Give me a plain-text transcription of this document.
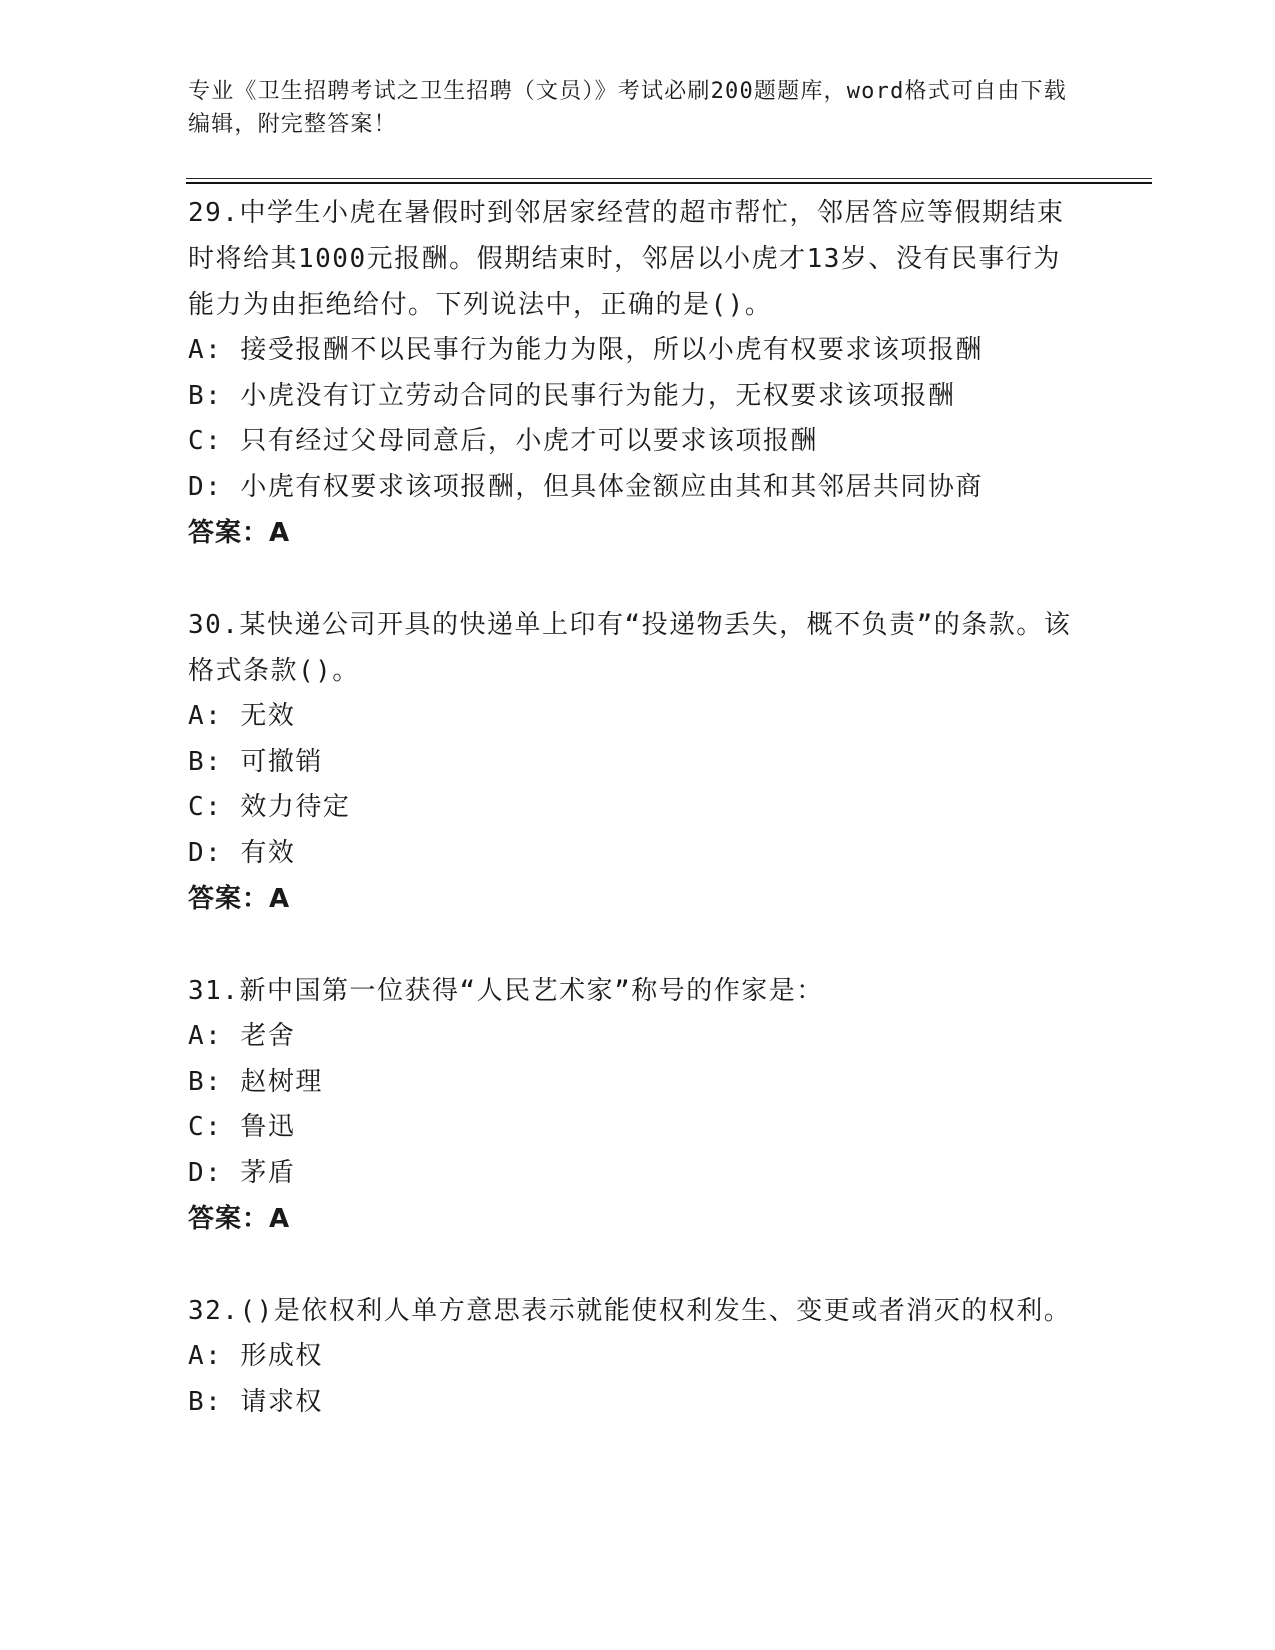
专业《卫生招聘考试之卫生招聘（文员）》考试必刷200题题库，word格式可自由下载编辑，附完整答案！
29.中学生小虎在暑假时到邻居家经营的超市帮忙，邻居答应等假期结束时将给其1000元报酬。假期结束时，邻居以小虎才13岁、没有民事行为能力为由拒绝给付。下列说法中，正确的是()。
A: 接受报酬不以民事行为能力为限，所以小虎有权要求该项报酬
B: 小虎没有订立劳动合同的民事行为能力，无权要求该项报酬
C: 只有经过父母同意后，小虎才可以要求该项报酬
D: 小虎有权要求该项报酬，但具体金额应由其和其邻居共同协商
答案：A
30.某快递公司开具的快递单上印有“投递物丢失，概不负责”的条款。该格式条款()。
A: 无效
B: 可撤销
C: 效力待定
D: 有效
答案：A
31.新中国第一位获得“人民艺术家”称号的作家是：
A: 老舍
B: 赵树理
C: 鲁迅
D: 茅盾
答案：A
32.()是依权利人单方意思表示就能使权利发生、变更或者消灭的权利。
A: 形成权
B: 请求权
